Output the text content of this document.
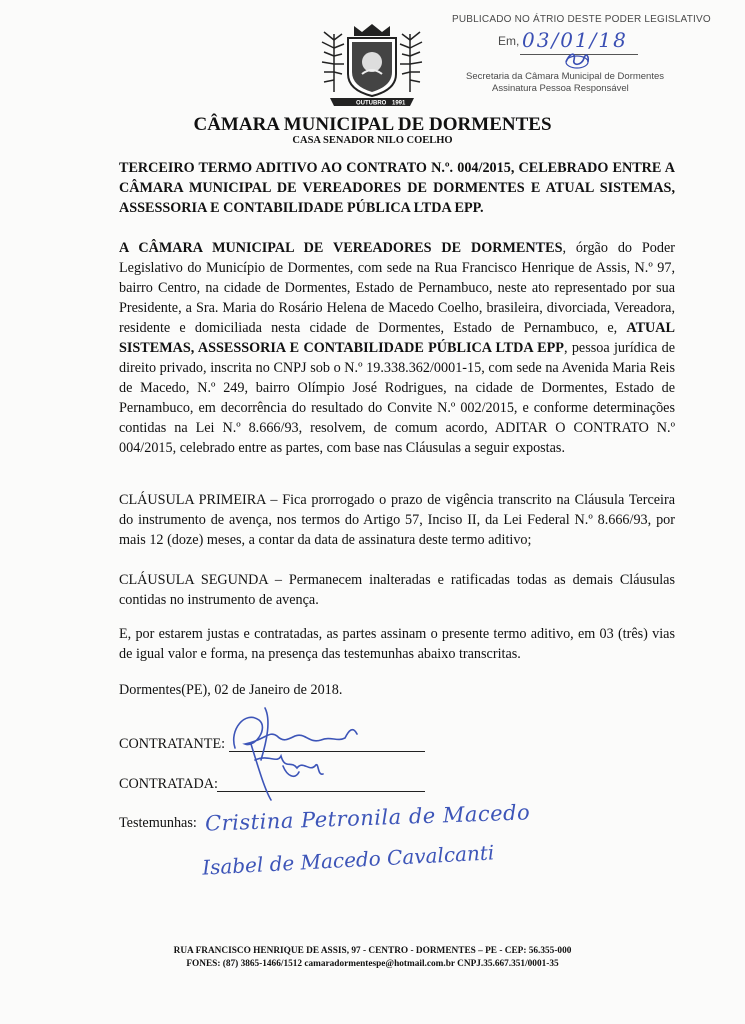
PUBLICADO NO ÁTRIO DESTE PODER LEGISLATIVO
Em, 03/01/18
Secretaria da Câmara Municipal de Dormentes
Assinatura Pessoa Responsável
OUTUBRO 1991
CÂMARA MUNICIPAL DE DORMENTES
CASA SENADOR NILO COELHO
TERCEIRO TERMO ADITIVO AO CONTRATO N.º. 004/2015, CELEBRADO ENTRE A CÂMARA MUNICIPAL DE VEREADORES DE DORMENTES E ATUAL SISTEMAS, ASSESSORIA E CONTABILIDADE PÚBLICA LTDA EPP.
A CÂMARA MUNICIPAL DE VEREADORES DE DORMENTES, órgão do Poder Legislativo do Município de Dormentes, com sede na Rua Francisco Henrique de Assis, N.º 97, bairro Centro, na cidade de Dormentes, Estado de Pernambuco, neste ato representado por sua Presidente, a Sra. Maria do Rosário Helena de Macedo Coelho, brasileira, divorciada, Vereadora, residente e domiciliada nesta cidade de Dormentes, Estado de Pernambuco, e, ATUAL SISTEMAS, ASSESSORIA E CONTABILIDADE PÚBLICA LTDA EPP, pessoa jurídica de direito privado, inscrita no CNPJ sob o N.º 19.338.362/0001-15, com sede na Avenida Maria Reis de Macedo, N.º 249, bairro Olímpio José Rodrigues, na cidade de Dormentes, Estado de Pernambuco, em decorrência do resultado do Convite N.º 002/2015, e conforme determinações contidas na Lei N.º 8.666/93, resolvem, de comum acordo, ADITAR O CONTRATO N.º 004/2015, celebrado entre as partes, com base nas Cláusulas a seguir expostas.
CLÁUSULA PRIMEIRA – Fica prorrogado o prazo de vigência transcrito na Cláusula Terceira do instrumento de avença, nos termos do Artigo 57, Inciso II, da Lei Federal N.º 8.666/93, por mais 12 (doze) meses, a contar da data de assinatura deste termo aditivo;
CLÁUSULA SEGUNDA – Permanecem inalteradas e ratificadas todas as demais Cláusulas contidas no instrumento de avença.
E, por estarem justas e contratadas, as partes assinam o presente termo aditivo, em 03 (três) vias de igual valor e forma, na presença das testemunhas abaixo transcritas.
Dormentes(PE), 02 de Janeiro de 2018.
CONTRATANTE:
CONTRATADA:
Testemunhas: Cristina Petronila de Macedo
Isabel de Macedo Cavalcanti
RUA FRANCISCO HENRIQUE DE ASSIS, 97 - CENTRO - DORMENTES – PE - CEP: 56.355-000
FONES: (87) 3865-1466/1512 camaradormentespe@hotmail.com.br CNPJ.35.667.351/0001-35
